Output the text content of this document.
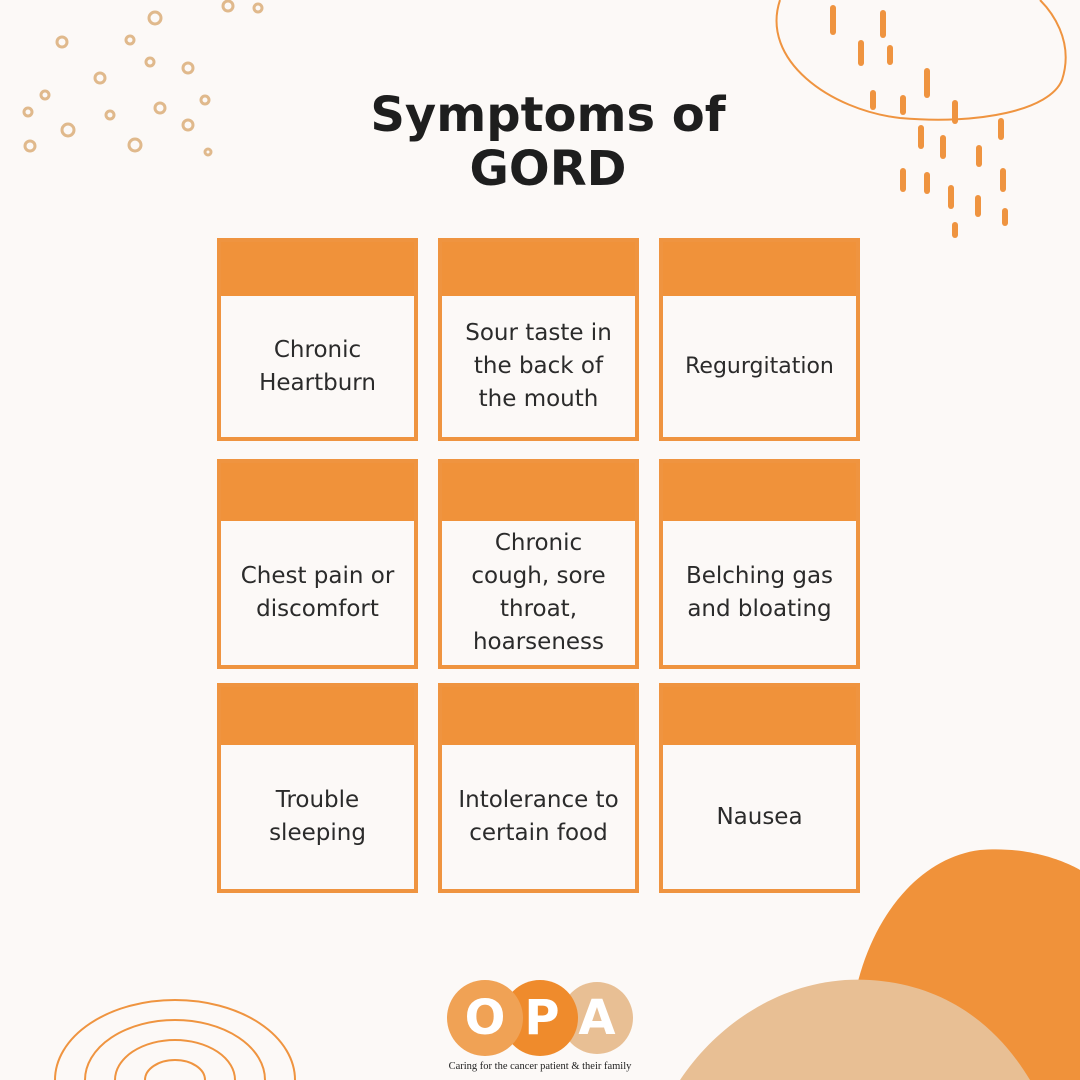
Symptoms of
GORD
Chronic Heartburn
Sour taste in the back of the mouth
Regurgitation
Chest pain or discomfort
Chronic cough, sore throat, hoarseness
Belching gas and bloating
Trouble sleeping
Intolerance to certain food
Nausea
O P A
Caring for the cancer patient & their family
